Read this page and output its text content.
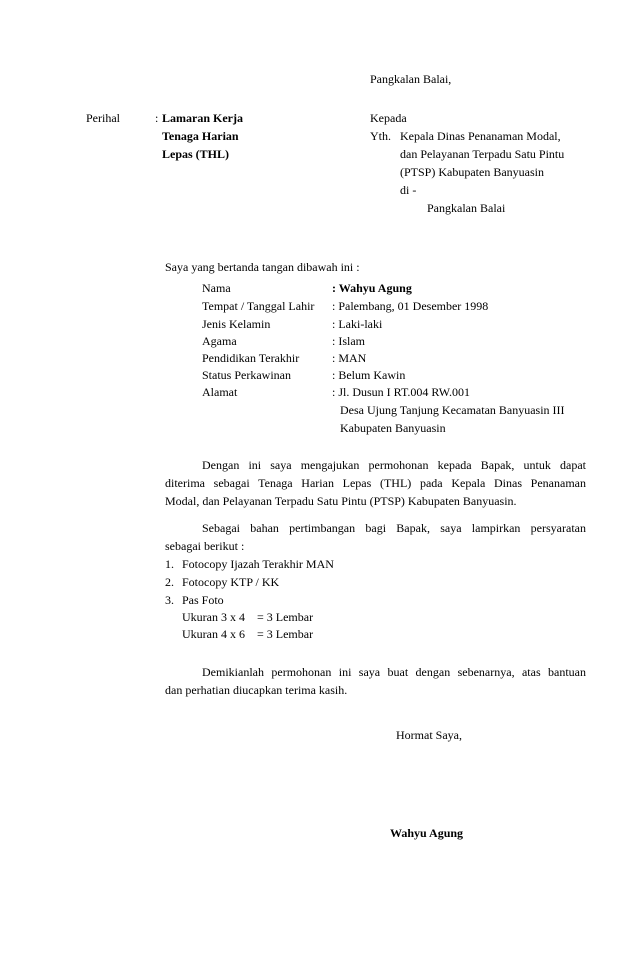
Pangkalan Balai,
Perihal	: Lamaran Kerja
Tenaga Harian
Lepas (THL)
Kepada
Yth. Kepala Dinas Penanaman Modal,
dan Pelayanan Terpadu Satu Pintu
(PTSP) Kabupaten Banyuasin
di -
Pangkalan Balai
Saya yang bertanda tangan dibawah ini :
Nama	: Wahyu Agung
Tempat / Tanggal Lahir : Palembang, 01 Desember 1998
Jenis Kelamin	: Laki-laki
Agama	: Islam
Pendidikan Terakhir	: MAN
Status Perkawinan	: Belum Kawin
Alamat	: Jl. Dusun I RT.004 RW.001
Desa Ujung Tanjung Kecamatan Banyuasin III
Kabupaten Banyuasin
Dengan ini saya mengajukan permohonan kepada Bapak, untuk dapat
diterima sebagai Tenaga Harian Lepas (THL) pada Kepala Dinas Penanaman
Modal, dan Pelayanan Terpadu Satu Pintu (PTSP) Kabupaten Banyuasin.
Sebagai bahan pertimbangan bagi Bapak, saya lampirkan persyaratan
sebagai berikut :
1. Fotocopy Ijazah Terakhir MAN
2. Fotocopy KTP / KK
3. Pas Foto
Ukuran 3 x 4 = 3 Lembar
Ukuran 4 x 6 = 3 Lembar
Demikianlah permohonan ini saya buat dengan sebenarnya, atas bantuan
dan perhatian diucapkan terima kasih.
Hormat Saya,
Wahyu Agung
